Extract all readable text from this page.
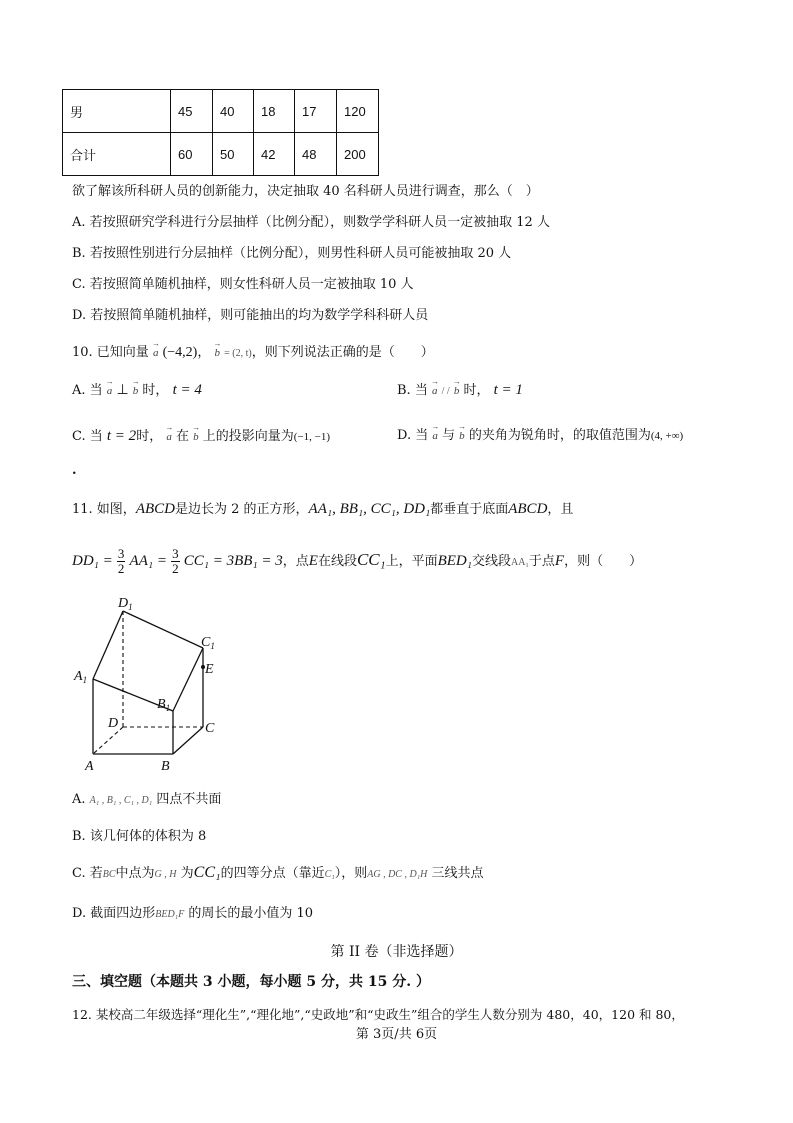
男	45	40	18	17	120
合计	60	50	42	48	200
欲了解该所科研人员的创新能力，决定抽取 40 名科研人员进行调查，那么（　）
A. 若按照研究学科进行分层抽样（比例分配），则数学学科研人员一定被抽取 12 人
B. 若按照性别进行分层抽样（比例分配），则男性科研人员可能被抽取 20 人
C. 若按照简单随机抽样，则女性科研人员一定被抽取 10 人
D. 若按照简单随机抽样，则可能抽出的均为数学学科科研人员
10. 已知向量 → a (−4,2)， → b = (2, t)，则下列说法正确的是（　　）
A. 当 → a ⊥ → b 时， t = 4	B. 当 → a / / → b 时， t = 1
C. 当 t = 2时， → a 在 → b 上的投影向量为(−1, −1)	D. 当 → a 与 → b 的夹角为锐角时，的取值范围为(4, +∞)
.
11. 如图，ABCD是边长为 2 的正方形，AA₁, BB₁, CC₁, DD₁都垂直于底面ABCD，且
$DD_1 = \frac{3}{2} AA_1 = \frac{3}{2} CC_1 = 3BB_1 = 3$，点E在线段CC₁上，平面BED₁交线段AA₁于点F，则（　　）
$D_1$
$C_1$
E
$A_1$
$B_1$
D	C
A	B
A. A₁ , B₁ , C₁ , D₁ 四点不共面
B. 该几何体的体积为 8
C. 若BC中点为G , H 为CC₁的四等分点（靠近C₁），则AG , DC , D₁H 三线共点
D. 截面四边形BED₁F 的周长的最小值为 10
第 II 卷（非选择题）
三、填空题（本题共 3 小题，每小题 5 分，共 15 分. ）
12. 某校高二年级选择“理化生”,“理化地”,“史政地”和“史政生”组合的学生人数分别为 480，40，120 和 80，
第 3页/共 6页
